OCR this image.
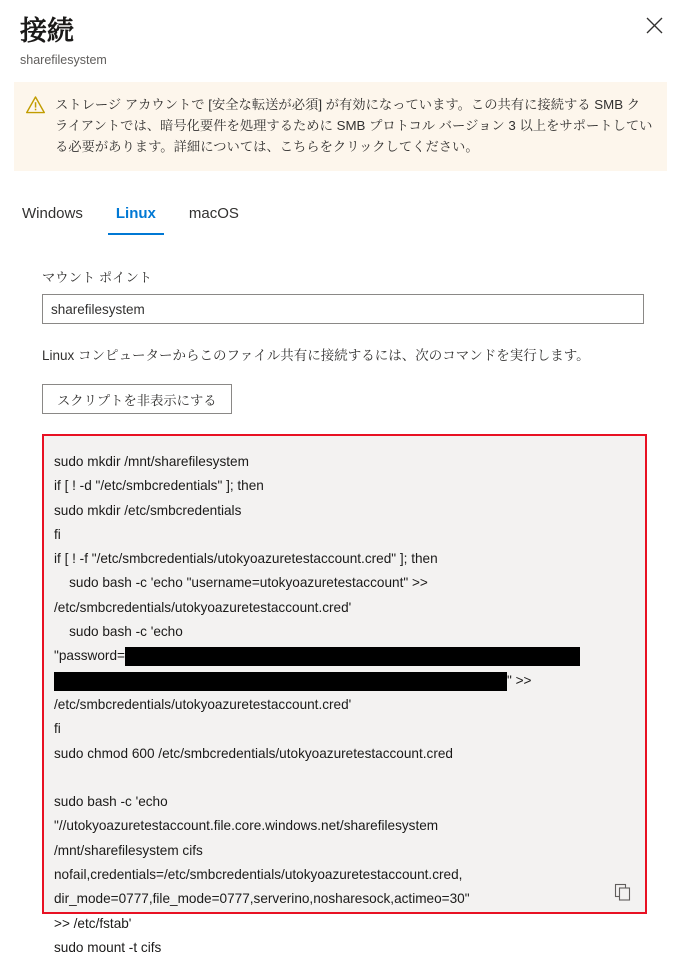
接続
sharefilesystem
ストレージ アカウントで [安全な転送が必須] が有効になっています。この共有に接続する SMB クライアントでは、暗号化要件を処理するために SMB プロトコル バージョン 3 以上をサポートしている必要があります。詳細については、こちらをクリックしてください。
Windows	Linux	macOS
マウント ポイント
sharefilesystem
Linux コンピューターからこのファイル共有に接続するには、次のコマンドを実行します。
スクリプトを非表示にする
sudo mkdir /mnt/sharefilesystem
if [ ! -d "/etc/smbcredentials" ]; then
sudo mkdir /etc/smbcredentials
fi
if [ ! -f "/etc/smbcredentials/utokyoazuretestaccount.cred" ]; then
sudo bash -c 'echo "username=utokyoazuretestaccount" >>
/etc/smbcredentials/utokyoazuretestaccount.cred'
sudo bash -c 'echo
"password=
" >>
/etc/smbcredentials/utokyoazuretestaccount.cred'
fi
sudo chmod 600 /etc/smbcredentials/utokyoazuretestaccount.cred

sudo bash -c 'echo
"//utokyoazuretestaccount.file.core.windows.net/sharefilesystem
/mnt/sharefilesystem cifs
nofail,credentials=/etc/smbcredentials/utokyoazuretestaccount.cred,
dir_mode=0777,file_mode=0777,serverino,nosharesock,actimeo=30"
>> /etc/fstab'
sudo mount -t cifs
